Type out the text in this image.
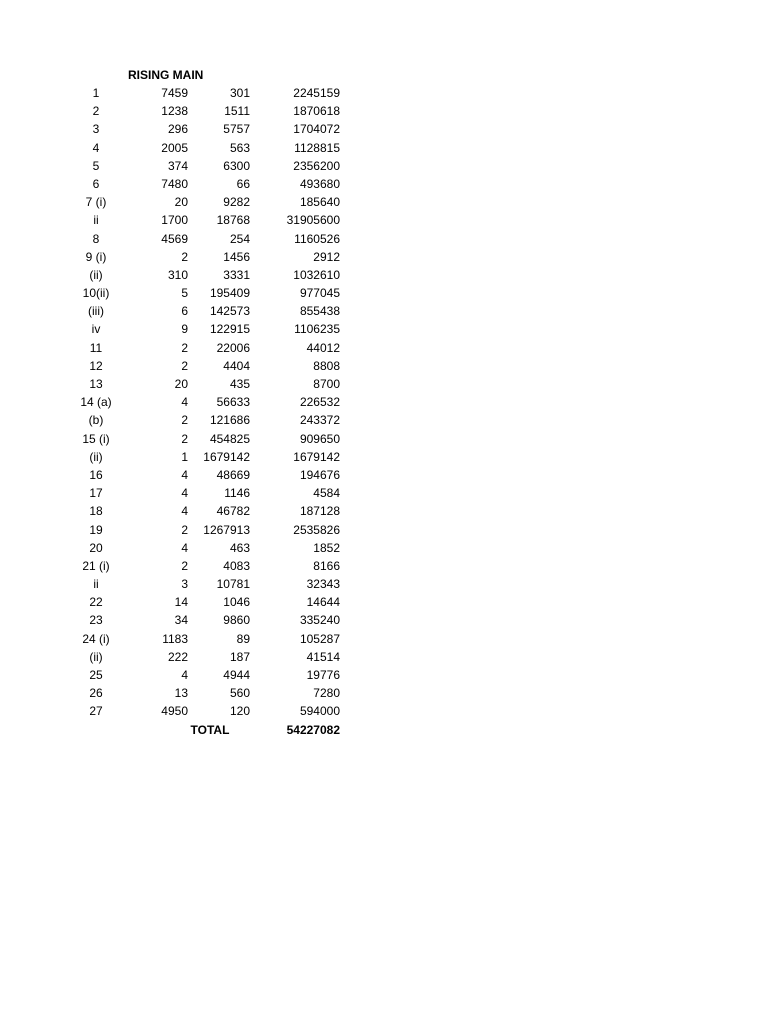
RISING MAIN
1	7459	301	2245159
2	1238	1511	1870618
3	296	5757	1704072
4	2005	563	1128815
5	374	6300	2356200
6	7480	66	493680
7 (i)	20	9282	185640
ii	1700	18768	31905600
8	4569	254	1160526
9 (i)	2	1456	2912
(ii)	310	3331	1032610
10(ii)	5	195409	977045
(iii)	6	142573	855438
iv	9	122915	1106235
11	2	22006	44012
12	2	4404	8808
13	20	435	8700
14 (a)	4	56633	226532
(b)	2	121686	243372
15 (i)	2	454825	909650
(ii)	1	1679142	1679142
16	4	48669	194676
17	4	1146	4584
18	4	46782	187128
19	2	1267913	2535826
20	4	463	1852
21 (i)	2	4083	8166
ii	3	10781	32343
22	14	1046	14644
23	34	9860	335240
24 (i)	1183	89	105287
(ii)	222	187	41514
25	4	4944	19776
26	13	560	7280
27	4950	120	594000
TOTAL	54227082
